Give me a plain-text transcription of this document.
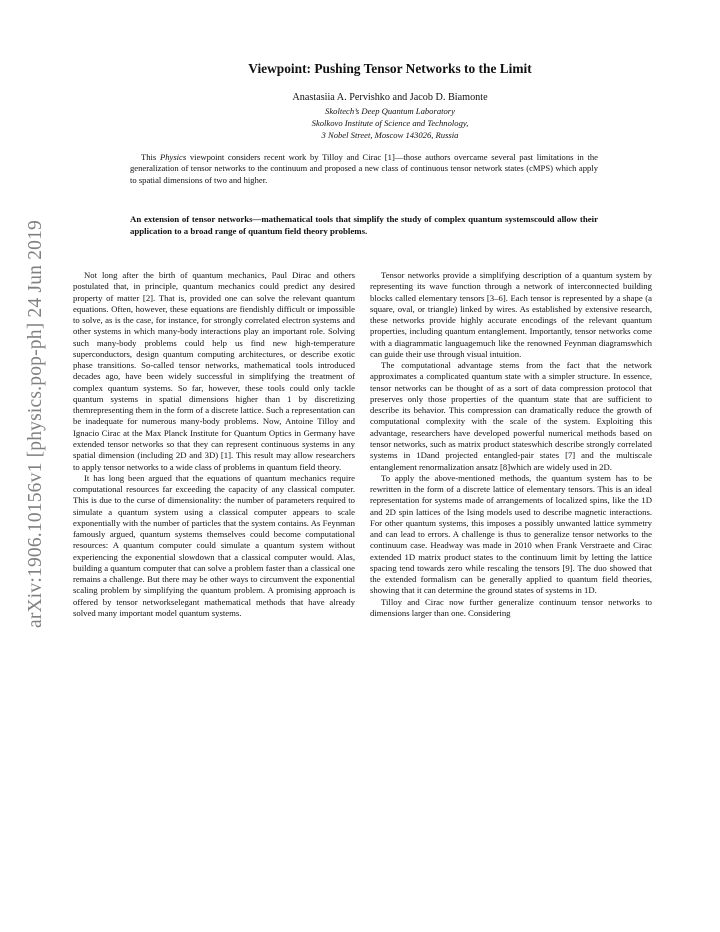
arXiv:1906.10156v1 [physics.pop-ph] 24 Jun 2019
Viewpoint: Pushing Tensor Networks to the Limit
Anastasiia A. Pervishko and Jacob D. Biamonte
Skoltech’s Deep Quantum Laboratory
Skolkovo Institute of Science and Technology,
3 Nobel Street, Moscow 143026, Russia

This Physics viewpoint considers recent work by Tilloy and Cirac [1]—those authors overcame several past limitations in the generalization of tensor networks to the continuum and proposed a new class of continuous tensor network states (cMPS) which apply to spatial dimensions of two and higher.

An extension of tensor networks—mathematical tools that simplify the study of complex quantum systemscould allow their application to a broad range of quantum field theory problems.

Not long after the birth of quantum mechanics, Paul Dirac and others postulated that, in principle, quantum mechanics could predict any desired property of matter [2]. That is, provided one can solve the relevant quantum equations. Often, however, these equations are fiendishly difficult or impossible to solve, as is the case, for instance, for strongly correlated electron systems and other systems in which many-body interactions play an important role. Solving such many-body problems could help us find new high-temperature superconductors, design quantum computing architectures, or describe exotic phase transitions. So-called tensor networks, mathematical tools introduced decades ago, have been widely successful in simplifying the treatment of complex quantum systems. So far, however, these tools could only tackle quantum systems in spatial dimensions higher than 1 by discretizing themrepresenting them in the form of a discrete lattice. Such a representation can be inadequate for numerous many-body problems. Now, Antoine Tilloy and Ignacio Cirac at the Max Planck Institute for Quantum Optics in Germany have extended tensor networks so that they can represent continuous systems in any spatial dimension (including 2D and 3D) [1]. This result may allow researchers to apply tensor networks to a wide class of problems in quantum field theory.

It has long been argued that the equations of quantum mechanics require computational resources far exceeding the capacity of any classical computer. This is due to the curse of dimensionality: the number of parameters required to simulate a quantum system using a classical computer appears to scale exponentially with the number of particles that the system contains. As Feynman famously argued, quantum systems themselves could become computational resources: A quantum computer could simulate a quantum system without experiencing the exponential slowdown that a classical computer would. Alas, building a quantum computer that can solve a problem faster than a classical one remains a challenge. But there may be other ways to circumvent the exponential scaling problem by simplifying the quantum problem. A promising approach is offered by tensor networkselegant mathematical methods that have already solved many important model quantum systems.

Tensor networks provide a simplifying description of a quantum system by representing its wave function through a network of interconnected building blocks called elementary tensors [3–6]. Each tensor is represented by a shape (a square, oval, or triangle) linked by wires. As established by extensive research, these networks provide highly accurate encodings of the relevant quantum properties, including quantum entanglement. Importantly, tensor networks come with a diagrammatic languagemuch like the renowned Feynman diagramswhich can guide their use through visual intuition.

The computational advantage stems from the fact that the network approximates a complicated quantum state with a simpler structure. In essence, tensor networks can be thought of as a sort of data compression protocol that preserves only those properties of the quantum state that are sufficient to describe its behavior. This compression can dramatically reduce the growth of computational complexity with the scale of the system. Exploiting this advantage, researchers have developed powerful numerical methods based on tensor networks, such as matrix product stateswhich describe strongly correlated systems in 1Dand projected entangled-pair states [7] and the multiscale entanglement renormalization ansatz [8]which are widely used in 2D.

To apply the above-mentioned methods, the quantum system has to be rewritten in the form of a discrete lattice of elementary tensors. This is an ideal representation for systems made of arrangements of localized spins, like the 1D and 2D spin lattices of the Ising models used to describe magnetic interactions. For other quantum systems, this imposes a possibly unwanted lattice symmetry and can lead to errors. A challenge is thus to generalize tensor networks to the continuum case. Headway was made in 2010 when Frank Verstraete and Cirac extended 1D matrix product states to the continuum limit by letting the lattice spacing tend towards zero while rescaling the tensors [9]. The duo showed that the extended formalism can be generally applied to quantum field theories, showing that it can determine the ground states of systems in 1D.

Tilloy and Cirac now further generalize continuum tensor networks to dimensions larger than one. Considering
